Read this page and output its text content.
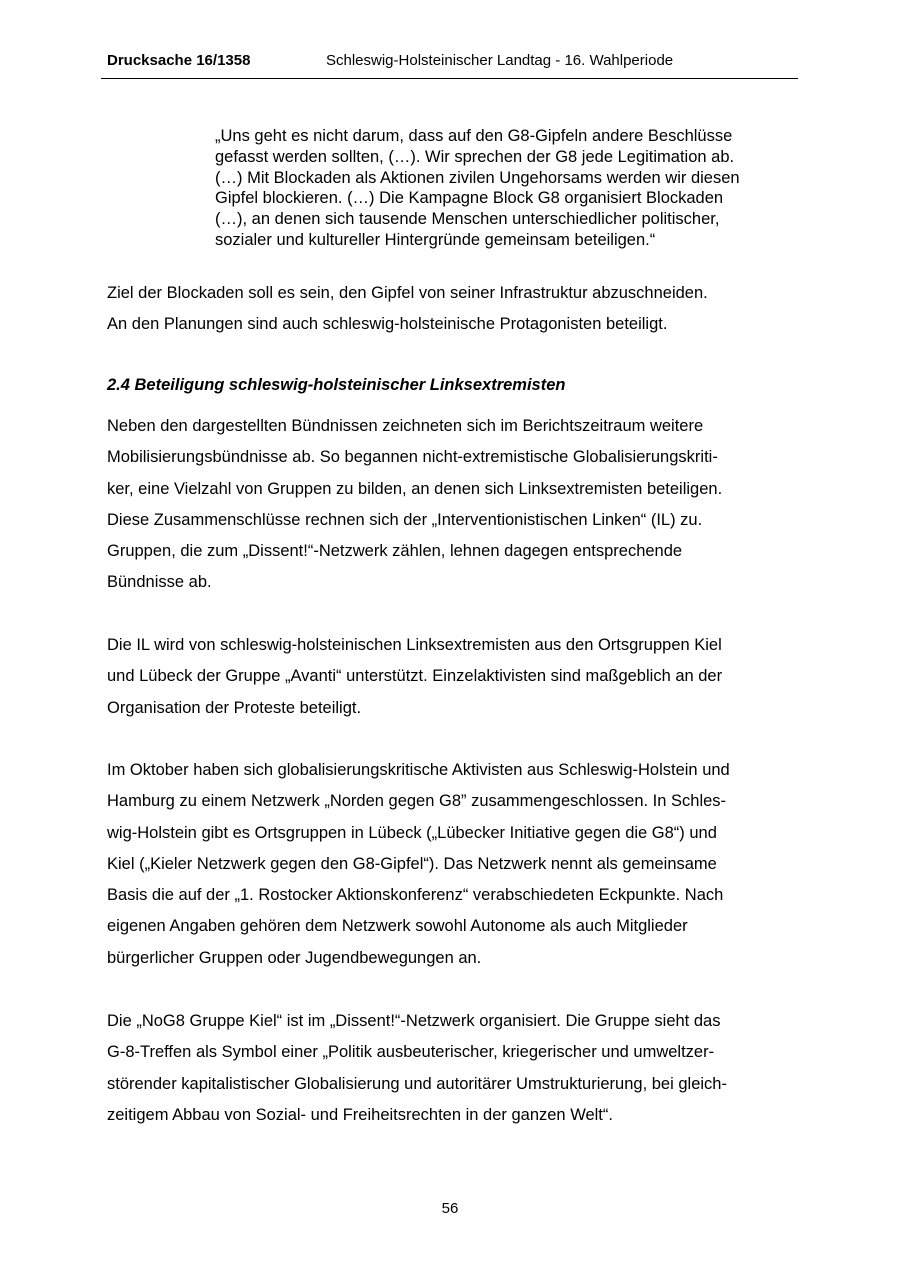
Drucksache 16/1358	Schleswig-Holsteinischer Landtag - 16. Wahlperiode
„Uns geht es nicht darum, dass auf den G8-Gipfeln andere Beschlüsse
gefasst werden sollten, (…). Wir sprechen der G8 jede Legitimation ab.
(…) Mit Blockaden als Aktionen zivilen Ungehorsams werden wir diesen
Gipfel blockieren. (…) Die Kampagne Block G8 organisiert Blockaden
(…), an denen sich tausende Menschen unterschiedlicher politischer,
sozialer und kultureller Hintergründe gemeinsam beteiligen.“
Ziel der Blockaden soll es sein, den Gipfel von seiner Infrastruktur abzuschneiden.
An den Planungen sind auch schleswig-holsteinische Protagonisten beteiligt.
2.4 Beteiligung schleswig-holsteinischer Linksextremisten
Neben den dargestellten Bündnissen zeichneten sich im Berichtszeitraum weitere
Mobilisierungsbündnisse ab. So begannen nicht-extremistische Globalisierungskriti-
ker, eine Vielzahl von Gruppen zu bilden, an denen sich Linksextremisten beteiligen.
Diese Zusammenschlüsse rechnen sich der „Interventionistischen Linken“ (IL) zu.
Gruppen, die zum „Dissent!“-Netzwerk zählen, lehnen dagegen entsprechende
Bündnisse ab.
Die IL wird von schleswig-holsteinischen Linksextremisten aus den Ortsgruppen Kiel
und Lübeck der Gruppe „Avanti“ unterstützt. Einzelaktivisten sind maßgeblich an der
Organisation der Proteste beteiligt.
Im Oktober haben sich globalisierungskritische Aktivisten aus Schleswig-Holstein und
Hamburg zu einem Netzwerk „Norden gegen G8” zusammengeschlossen. In Schles-
wig-Holstein gibt es Ortsgruppen in Lübeck („Lübecker Initiative gegen die G8“) und
Kiel („Kieler Netzwerk gegen den G8-Gipfel“). Das Netzwerk nennt als gemeinsame
Basis die auf der „1. Rostocker Aktionskonferenz“ verabschiedeten Eckpunkte. Nach
eigenen Angaben gehören dem Netzwerk sowohl Autonome als auch Mitglieder
bürgerlicher Gruppen oder Jugendbewegungen an.
Die „NoG8 Gruppe Kiel“ ist im „Dissent!“-Netzwerk organisiert. Die Gruppe sieht das
G-8-Treffen als Symbol einer „Politik ausbeuterischer, kriegerischer und umweltzer-
störender kapitalistischer Globalisierung und autoritärer Umstrukturierung, bei gleich-
zeitigem Abbau von Sozial- und Freiheitsrechten in der ganzen Welt“.
56
